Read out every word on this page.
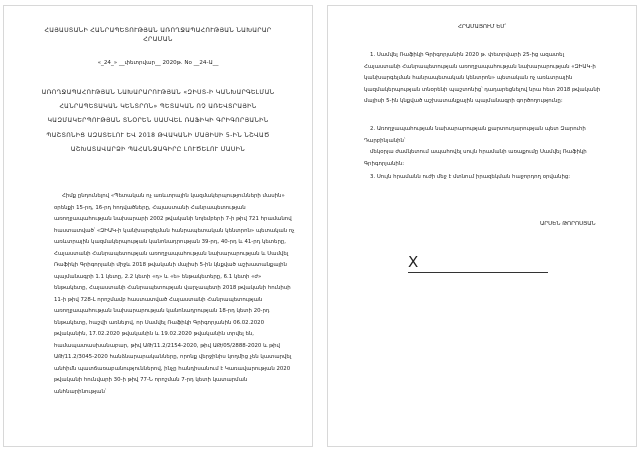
ՀԱՅԱՍՏԱՆԻ ՀԱՆՐԱՊԵՏՈՒԹՅԱՆ ԱՌՈՂՋԱՊԱՀՈՒԹՅԱՆ ՆԱԽԱՐԱՐ
ՀՐԱՄԱՆ
«_24_» __փետրվար__ 2020թ. No __24-Ա__
ԱՌՈՂՋԱՊԱՀՈՒԹՅԱՆ ՆԱԽԱՐԱՐՈՒԹՅԱՆ «ԶԻՍՏ-Ի ԿԱՆԽԱՐԳԵԼՄԱՆ
ՀԱՆՐԱՊԵՏԱԿԱՆ ԿԵՆՏՐՈՆ» ՊԵՏԱԿԱՆ ՈՉ ԱՌԵՎՏՐԱՅԻՆ
ԿԱԶՄԱԿԵՐՊՈՒԹՅԱՆ ՏՆՕՐԵՆ ՍԱՄՎԵԼ ՌԱՖԻԿԻ ԳՐԻԳՈՐՅԱՆԻՆ
ՊԱՇՏՈՆԻՑ ԱԶԱՏԵԼՈՒ ԵՎ 2018 ԹՎԱԿԱՆԻ ՄԱՅԻՍԻ 5-ԻՆ ՆՇՎԱԾ
ԱՇԽԱՏԱՎԱՐՁԻ ՊԱՀԱՆՋԱԳԻՐԸ ԼՈՒԾԵԼՈՒ ՄԱՍԻՆ
Հիմք ընդունելով «Պետական ոչ առևտրային կազմակերպությունների մասին»
օրենքի 15-րդ, 16-րդ հոդվածները, Հայաստանի Հանրապետության
առողջապահության նախարարի 2002 թվականի նոյեմբերի 7-ի թիվ 721 հրամանով
հաստատված՝ «ԶԻԱԿ-ի կանխարգելման հանրապետական կենտրոն» պետական ոչ
առևտրային կազմակերպության կանոնադրության 39-րդ, 40-րդ և 41-րդ կետերը,
Հայաստանի Հանրապետության առողջապահության նախարարության և Սամվել
Ռաֆիկի Գրիգորյանի միջև 2018 թվականի մայիսի 5-ին կնքված աշխատանքային
պայմանագրի 1.1 կետը, 2.2 կետի «դ» և «ե» ենթակետերը, 6.1 կետի «ժ»
ենթակետը, Հայաստանի Հանրապետության վարչապետի 2018 թվականի հունիսի
11-ի թիվ 728-Լ որոշմամբ հաստատված Հայաստանի Հանրապետության
առողջապահության նախարարության կանոնադրության 18-րդ կետի 20-րդ
ենթակետը, հաշվի առնելով, որ Սամվել Ռաֆիկի Գրիգորյանին 06.02.2020
թվականին, 17.02.2020 թվականին և 19.02.2020 թվականին տրվել են,
համապատասխանաբար, թիվ ԱԹ/11.2/2154-2020, թիվ ԱԹ/05/2888-2020 և թիվ
ԱԹ/11.2/3045-2020 հանձնարարականները, որոնք վերջինիս կողմից չեն կատարվել
անհիմն պատճառաբանություններով, ինչը հանդիսանում է Կառավարության 2020
թվականի հունվարի 30-ի թիվ 77-Ն որոշման 7-րդ կետի կատարման
անհնարինության՝
ՀՐԱՄԱՅՈՒՄ ԵՄ՝
1. Սամվել Ռաֆիկի Գրիգորյանին 2020 թ. փետրվարի 25-ից ազատել
Հայաստանի Հանրապետության առողջապահության նախարարության «ԶԻԱԿ-ի
կանխարգելման հանրապետական կենտրոն» պետական ոչ առևտրային
կազմակերպության տնօրենի պաշտոնից՝ դադարեցնելով նրա հետ 2018 թվականի
մայիսի 5-ին կնքված աշխատանքային պայմանագրի գործողությունը:
2. Առողջապահության նախարարության քարտուղարության պետ Զարուհի
Դարբինյանին՝
մեկօրյա ժամկետում ապահովել սույն հրամանի առաքումը Սամվել Ռաֆիկի
Գրիգորյանին:
3. Սույն հրամանն ուժի մեջ է մտնում իրազեկման հաջորդող օրվանից:
ԱՐՍԵՆ ԹՈՐՈՍՅԱՆ
X
